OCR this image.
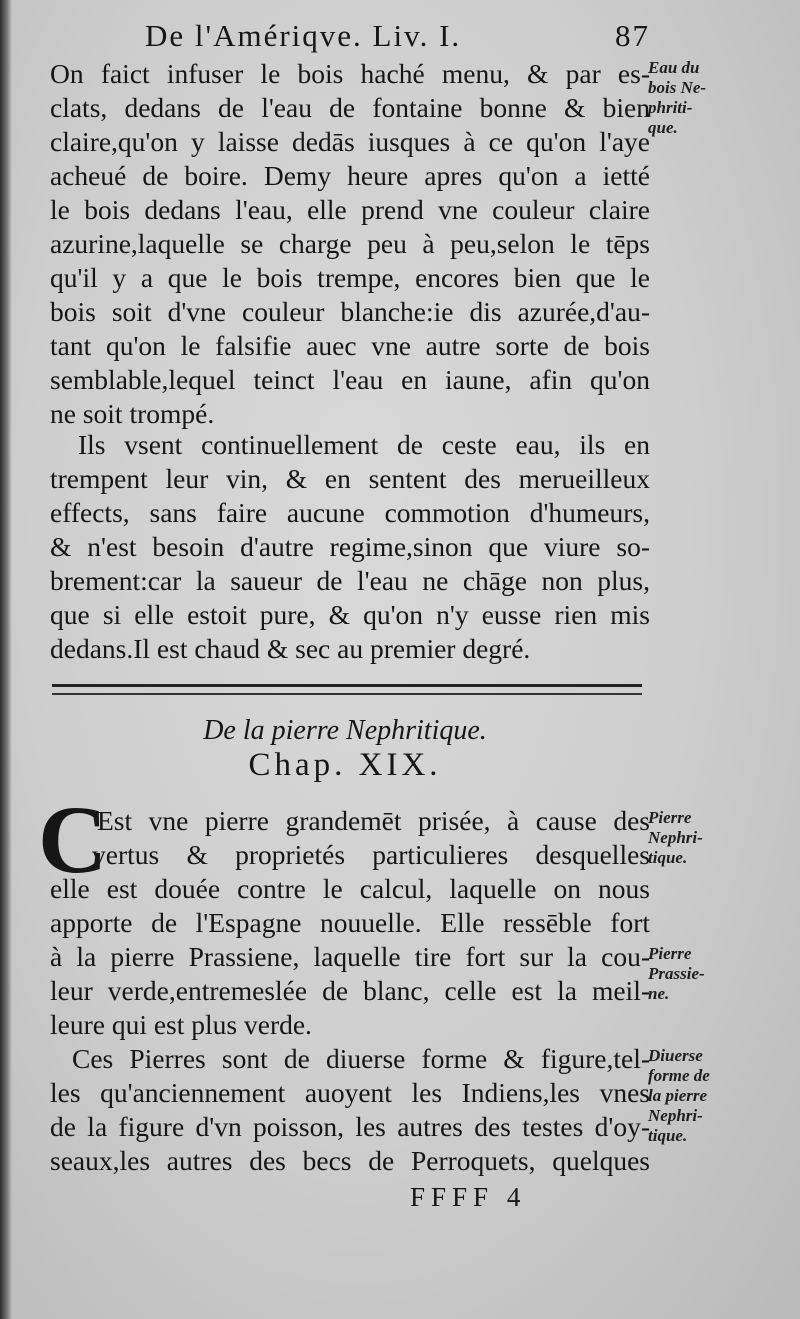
De l'Amériqve. Liv. I.	87
On faict infuser le bois haché menu, & par es-
clats, dedans de l'eau de fontaine bonne & bien
claire,qu'on y laisse dedās iusques à ce qu'on l'aye
acheué de boire. Demy heure apres qu'on a ietté
le bois dedans l'eau, elle prend vne couleur claire
azurine,laquelle se charge peu à peu,selon le tēps
qu'il y a que le bois trempe, encores bien que le
bois soit d'vne couleur blanche:ie dis azurée,d'au-
tant qu'on le falsifie auec vne autre sorte de bois
semblable,lequel teinct l'eau en iaune, afin qu'on
ne soit trompé.
Eau du
bois Ne-
phriti-
que.
Ils vsent continuellement de ceste eau, ils en
trempent leur vin, & en sentent des merueilleux
effects, sans faire aucune commotion d'humeurs,
& n'est besoin d'autre regime,sinon que viure so-
brement:car la saueur de l'eau ne chāge non plus,
que si elle estoit pure, & qu'on n'y eusse rien mis
dedans.Il est chaud & sec au premier degré.
De la pierre Nephritique.
Chap. XIX.
C
'Est vne pierre grandemēt prisée, à cause des
vertus & proprietés particulieres desquelles
elle est douée contre le calcul, laquelle on nous
apporte de l'Espagne nouuelle. Elle ressēble fort
à la pierre Prassiene, laquelle tire fort sur la cou-
leur verde,entremeslée de blanc, celle est la meil-
leure qui est plus verde.
Pierre
Nephri-
tique.
Pierre
Prassie-
ne.
Ces Pierres sont de diuerse forme & figure,tel-
les qu'anciennement auoyent les Indiens,les vnes
de la figure d'vn poisson, les autres des testes d'oy-
seaux,les autres des becs de Perroquets, quelques
Diuerse
forme de
la pierre
Nephri-
tique.
FFFF 4
